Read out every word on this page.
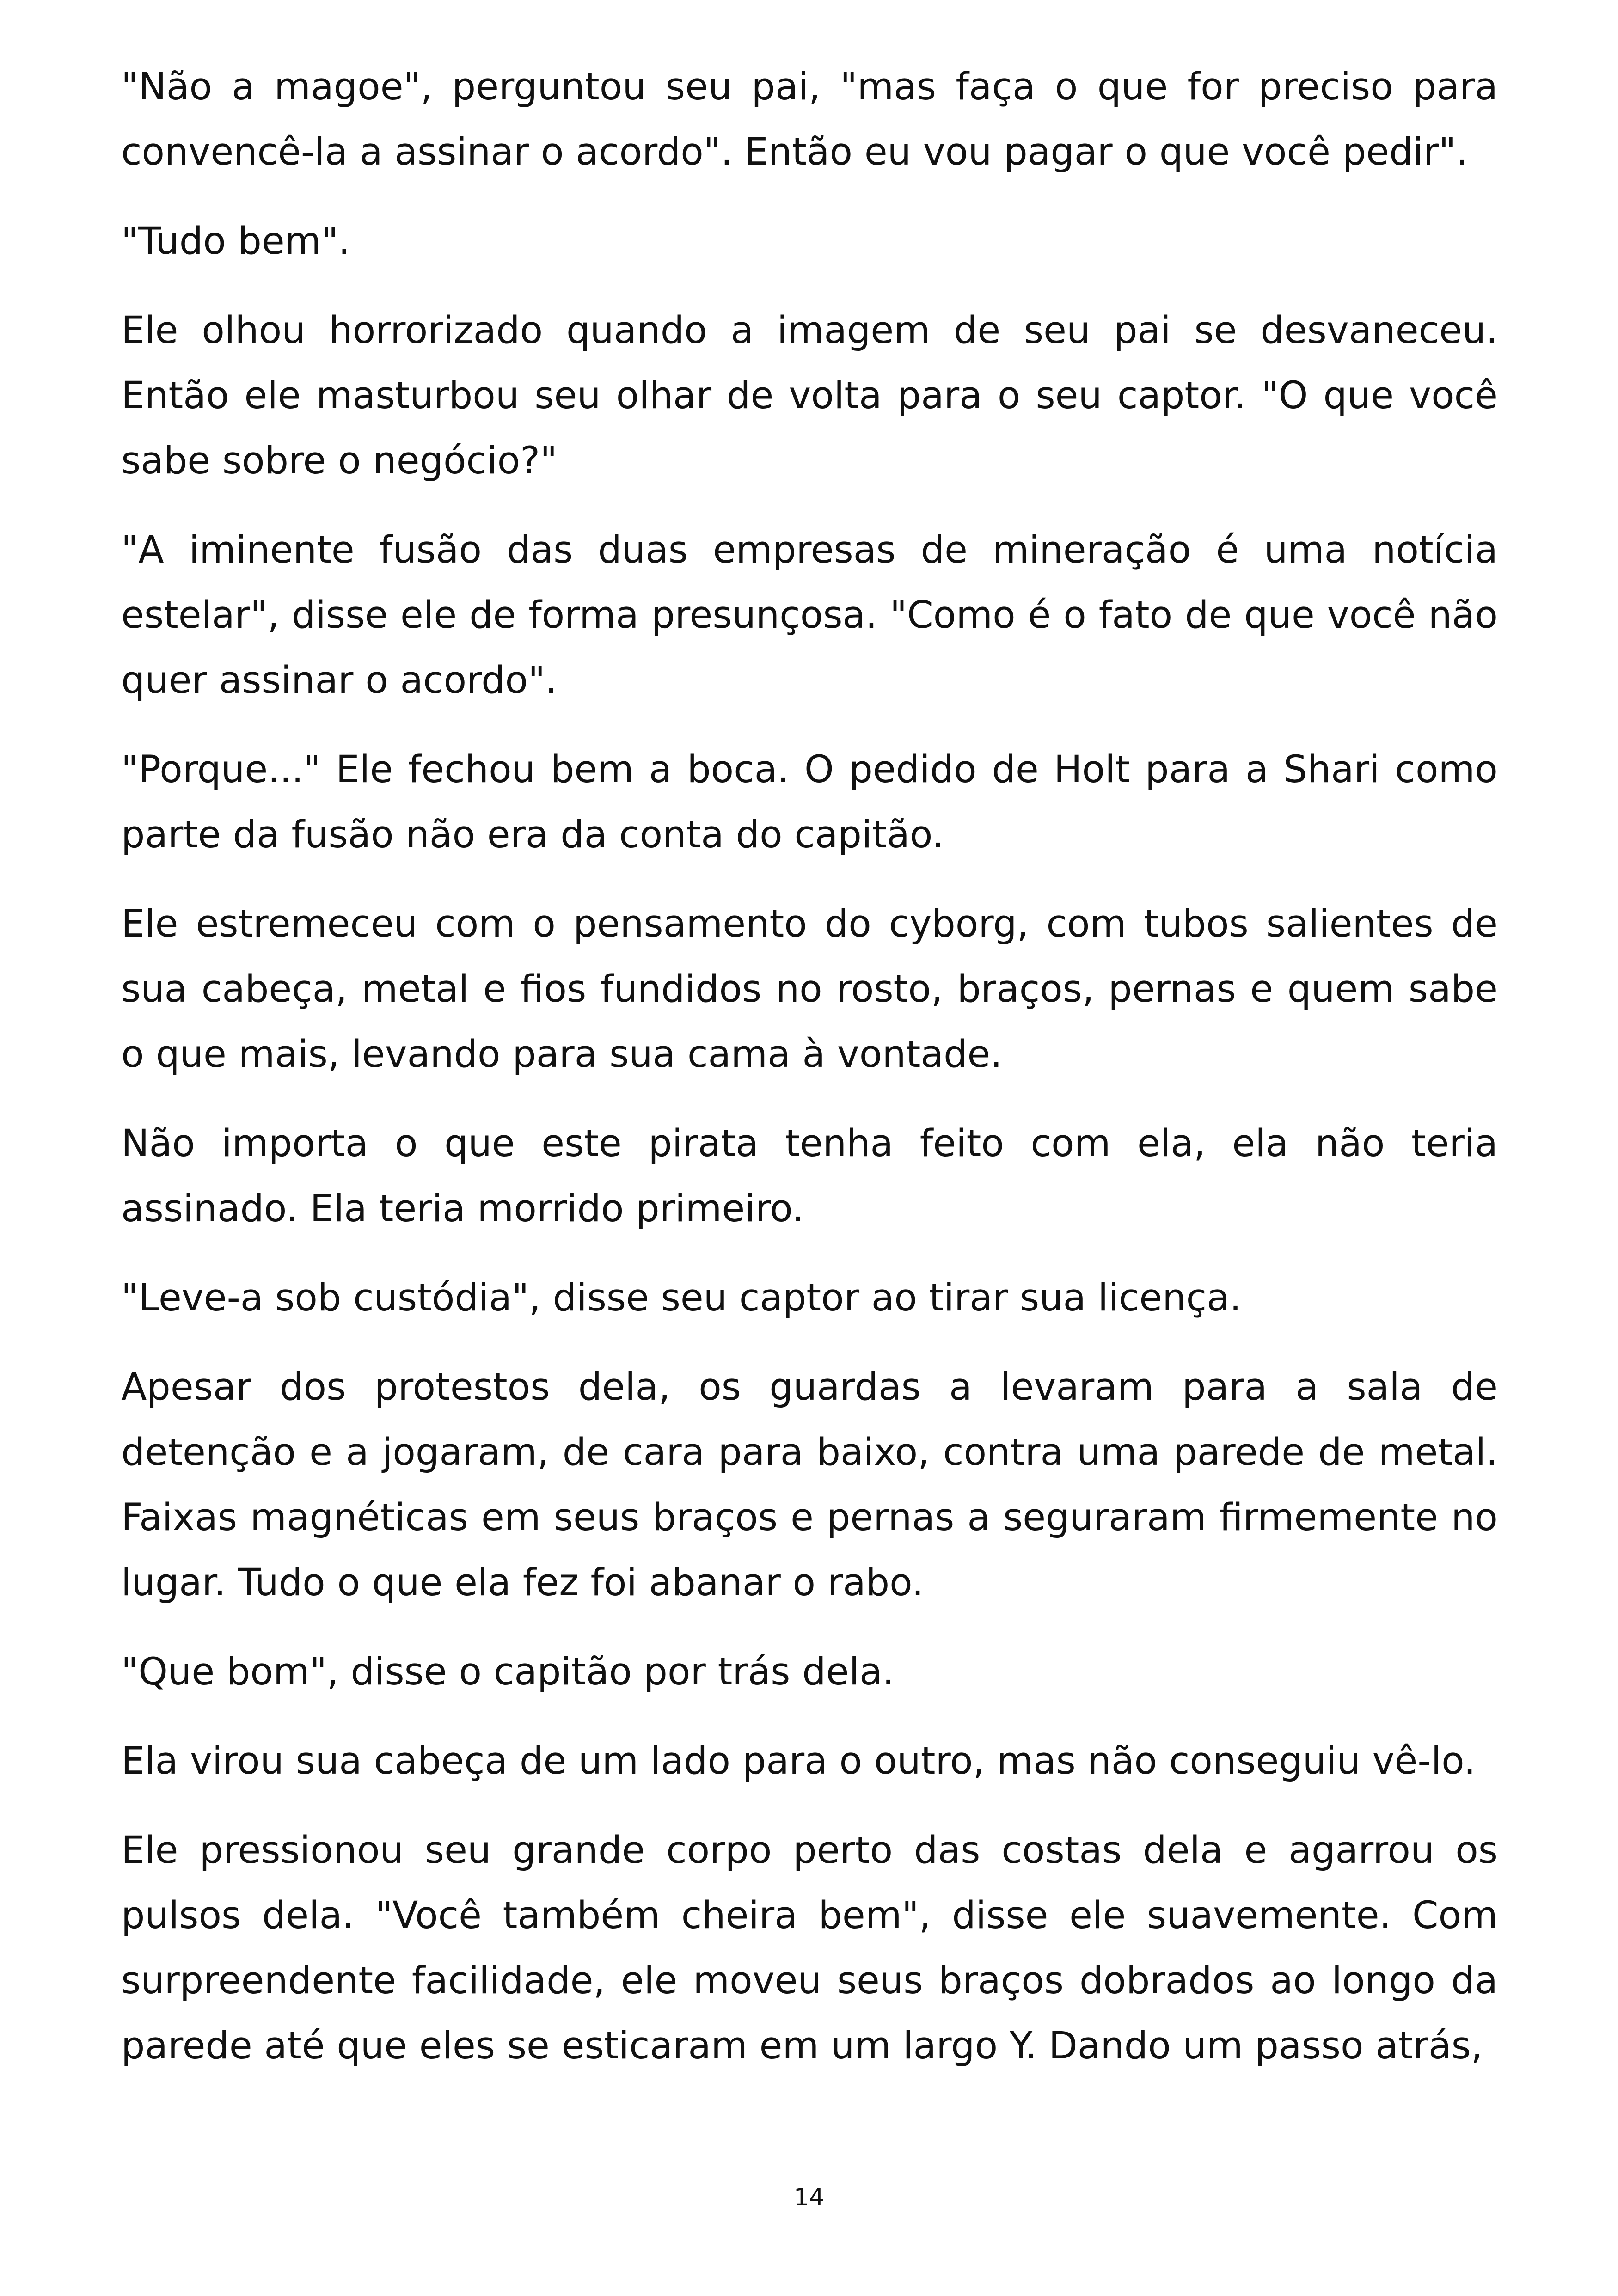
"Não a magoe", perguntou seu pai, "mas faça o que for preciso para convencê-la a assinar o acordo". Então eu vou pagar o que você pedir".

"Tudo bem".

Ele olhou horrorizado quando a imagem de seu pai se desvaneceu. Então ele masturbou seu olhar de volta para o seu captor. "O que você sabe sobre o negócio?"

"A iminente fusão das duas empresas de mineração é uma notícia estelar", disse ele de forma presunçosa. "Como é o fato de que você não quer assinar o acordo".

"Porque..." Ele fechou bem a boca. O pedido de Holt para a Shari como parte da fusão não era da conta do capitão.

Ele estremeceu com o pensamento do cyborg, com tubos salientes de sua cabeça, metal e fios fundidos no rosto, braços, pernas e quem sabe o que mais, levando para sua cama à vontade.

Não importa o que este pirata tenha feito com ela, ela não teria assinado. Ela teria morrido primeiro.

"Leve-a sob custódia", disse seu captor ao tirar sua licença.

Apesar dos protestos dela, os guardas a levaram para a sala de detenção e a jogaram, de cara para baixo, contra uma parede de metal. Faixas magnéticas em seus braços e pernas a seguraram firmemente no lugar. Tudo o que ela fez foi abanar o rabo.

"Que bom", disse o capitão por trás dela.

Ela virou sua cabeça de um lado para o outro, mas não conseguiu vê-lo.

Ele pressionou seu grande corpo perto das costas dela e agarrou os pulsos dela. "Você também cheira bem", disse ele suavemente. Com surpreendente facilidade, ele moveu seus braços dobrados ao longo da parede até que eles se esticaram em um largo Y. Dando um passo atrás,

14
